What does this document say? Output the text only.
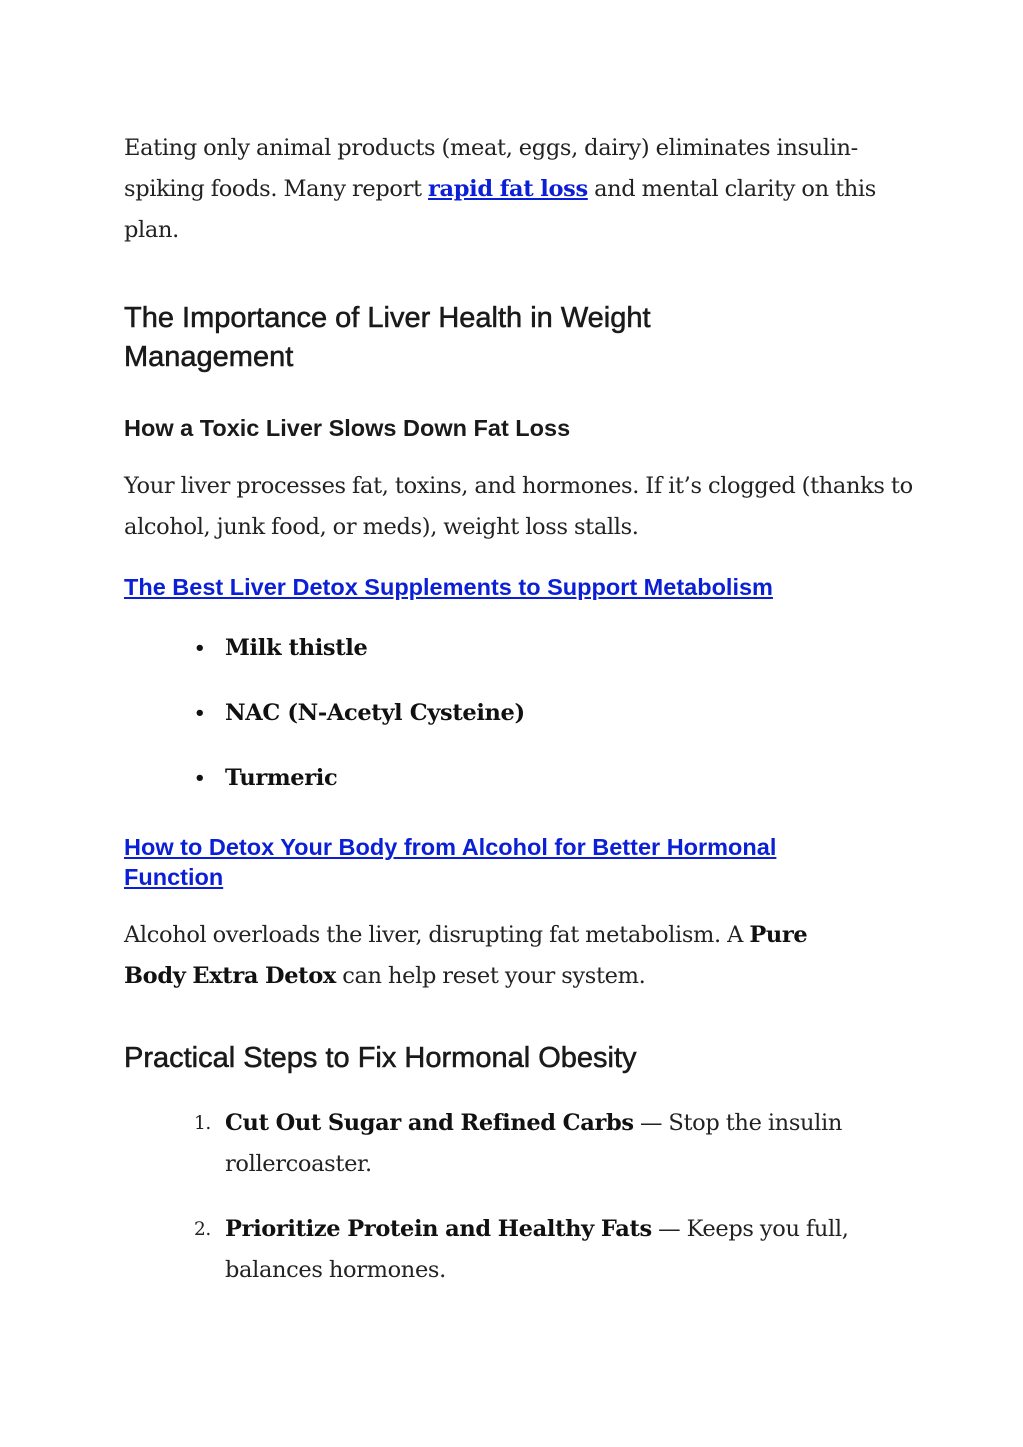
Eating only animal products (meat, eggs, dairy) eliminates insulin-spiking foods. Many report rapid fat loss and mental clarity on this plan.

The Importance of Liver Health in Weight Management
How a Toxic Liver Slows Down Fat Loss

Your liver processes fat, toxins, and hormones. If it’s clogged (thanks to alcohol, junk food, or meds), weight loss stalls.

The Best Liver Detox Supplements to Support Metabolism
• Milk thistle
• NAC (N-Acetyl Cysteine)
• Turmeric
How to Detox Your Body from Alcohol for Better Hormonal Function

Alcohol overloads the liver, disrupting fat metabolism. A Pure Body Extra Detox can help reset your system.

Practical Steps to Fix Hormonal Obesity
1. Cut Out Sugar and Refined Carbs — Stop the insulin rollercoaster.
2. Prioritize Protein and Healthy Fats — Keeps you full, balances hormones.
